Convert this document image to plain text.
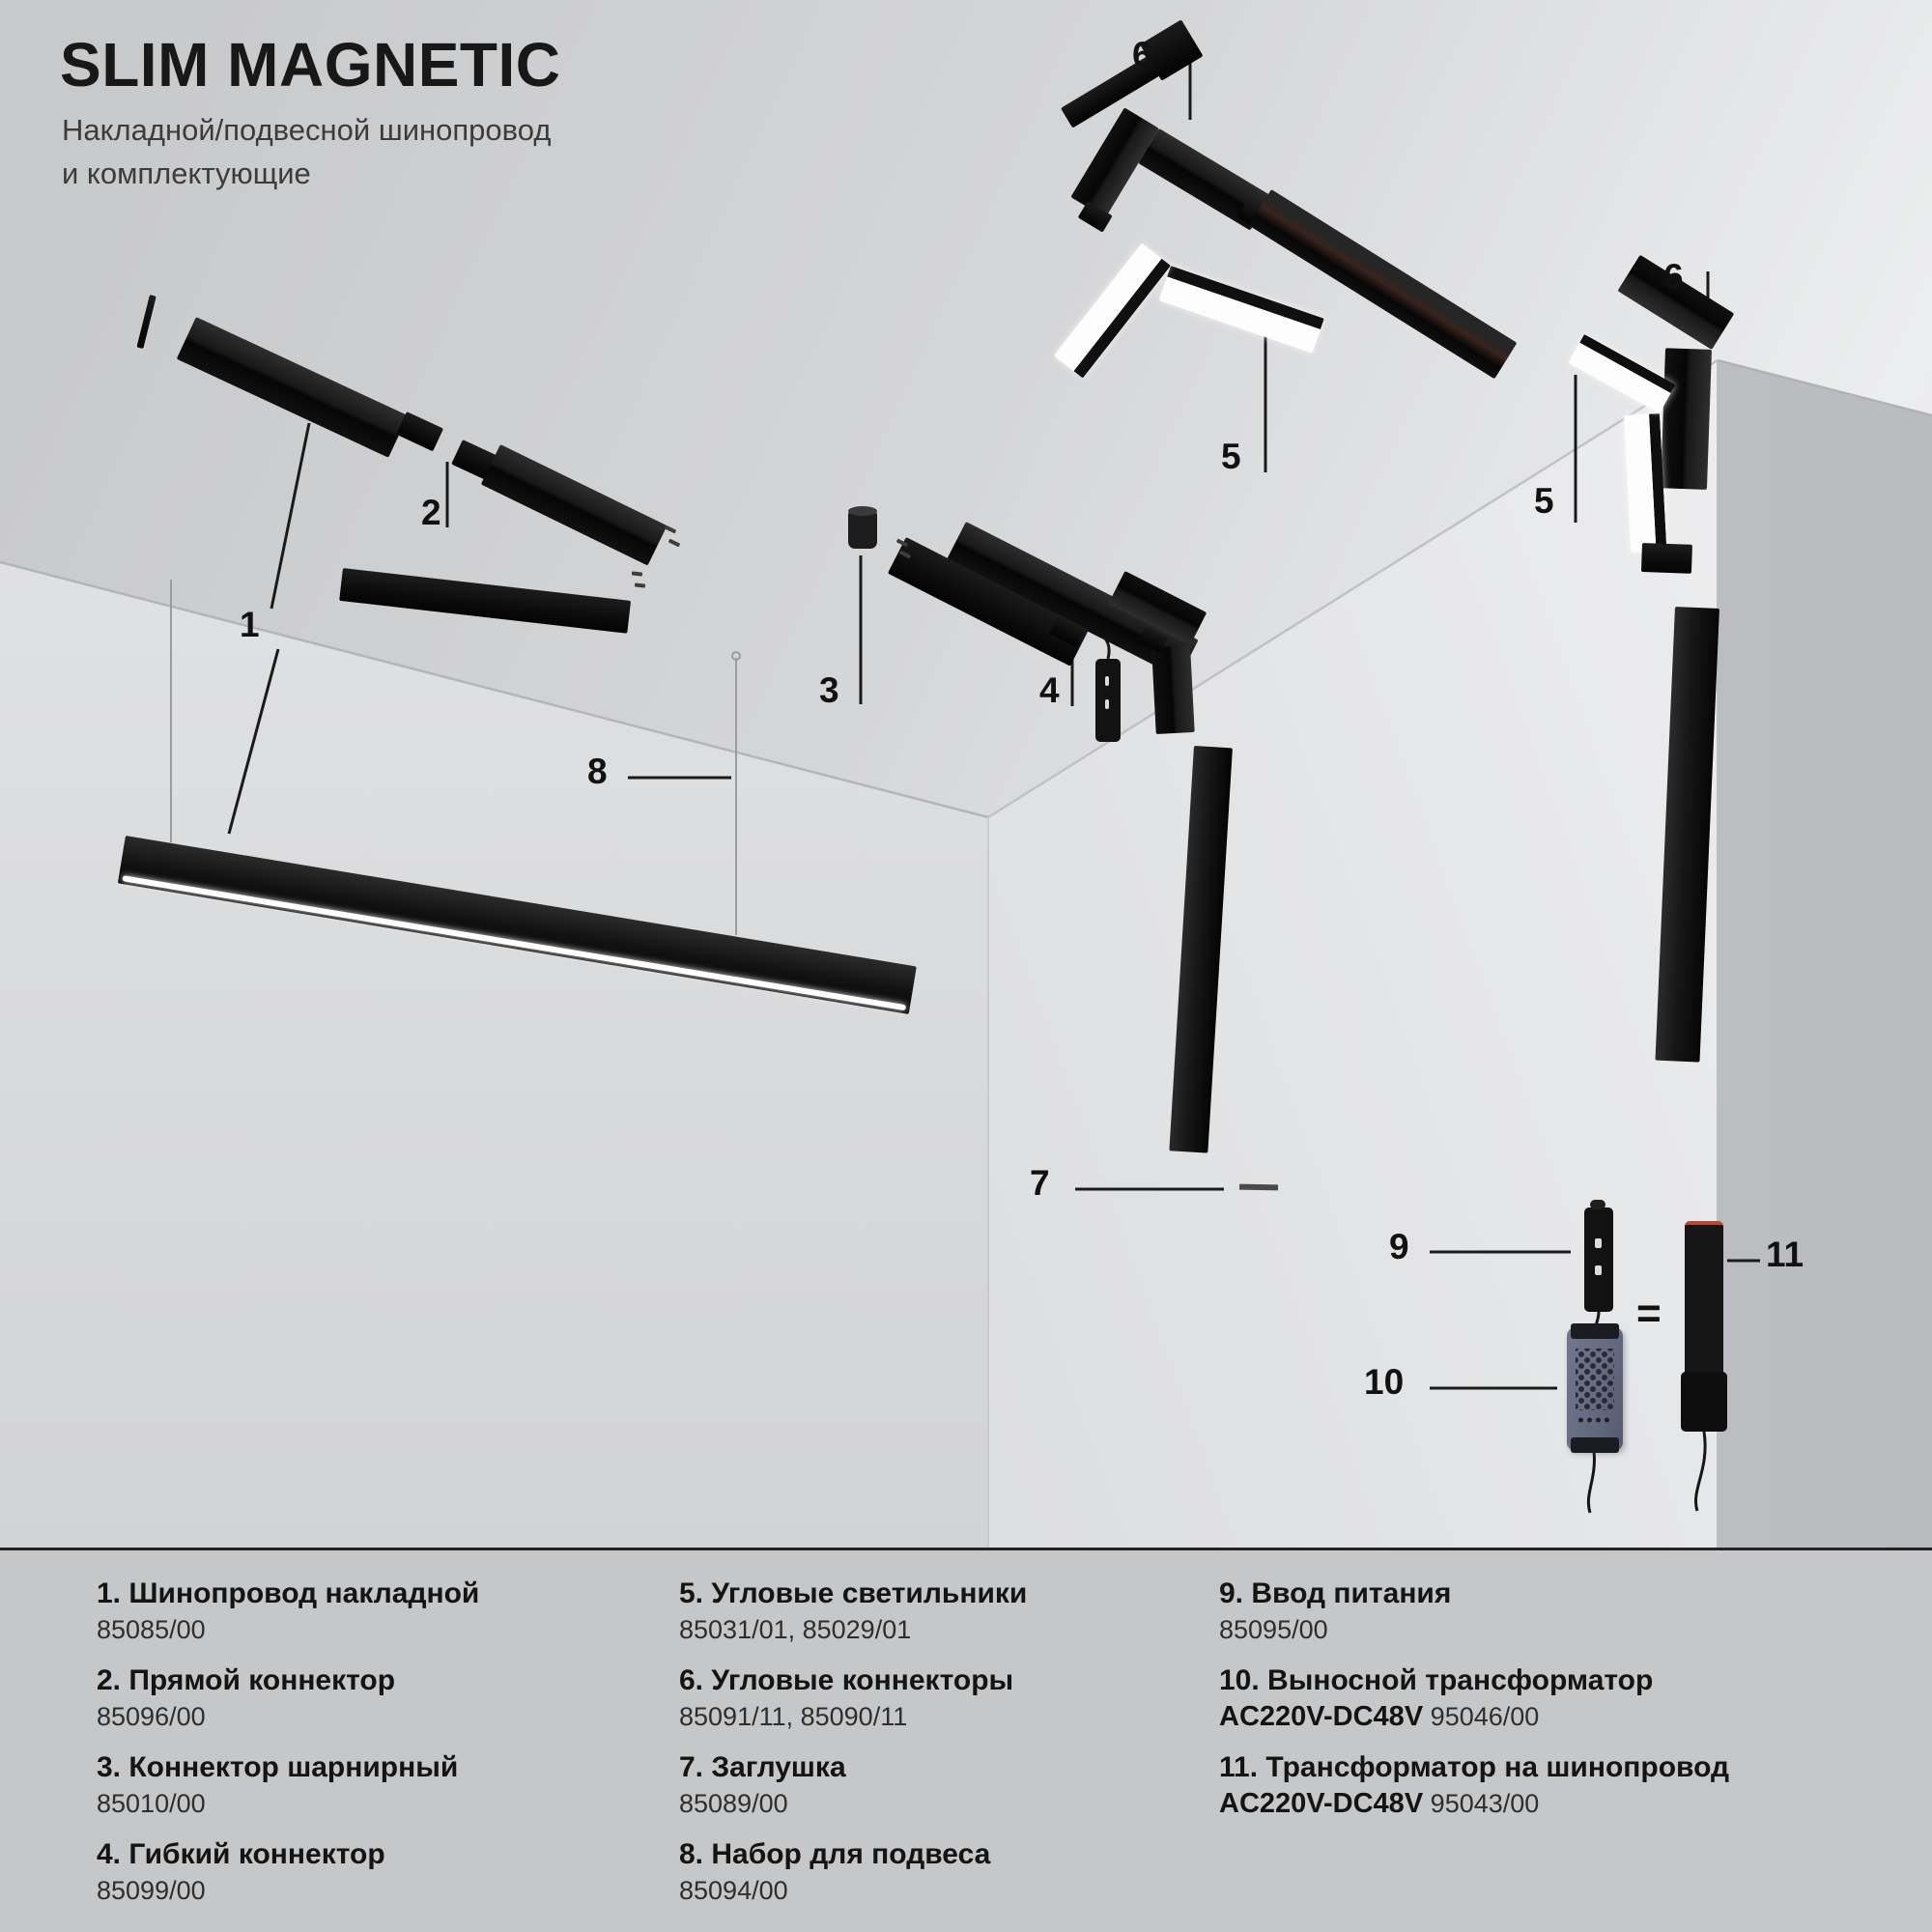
1
2
3	4
5
5
6
6
7
8
9
10
11
=
SLIM MAGNETIC
Накладной/подвесной шинопровод
и комплектующие
1. Шинопровод накладной
85085/00
2. Прямой коннектор
85096/00
3. Коннектор шарнирный
85010/00
4. Гибкий коннектор
85099/00
5. Угловые светильники
85031/01, 85029/01
6. Угловые коннекторы
85091/11, 85090/11
7. Заглушка
85089/00
8. Набор для подвеса
85094/00
9. Ввод питания
85095/00
10. Выносной трансформатор
AC220V-DC48V 95046/00
11. Трансформатор на шинопровод
AC220V-DC48V 95043/00
